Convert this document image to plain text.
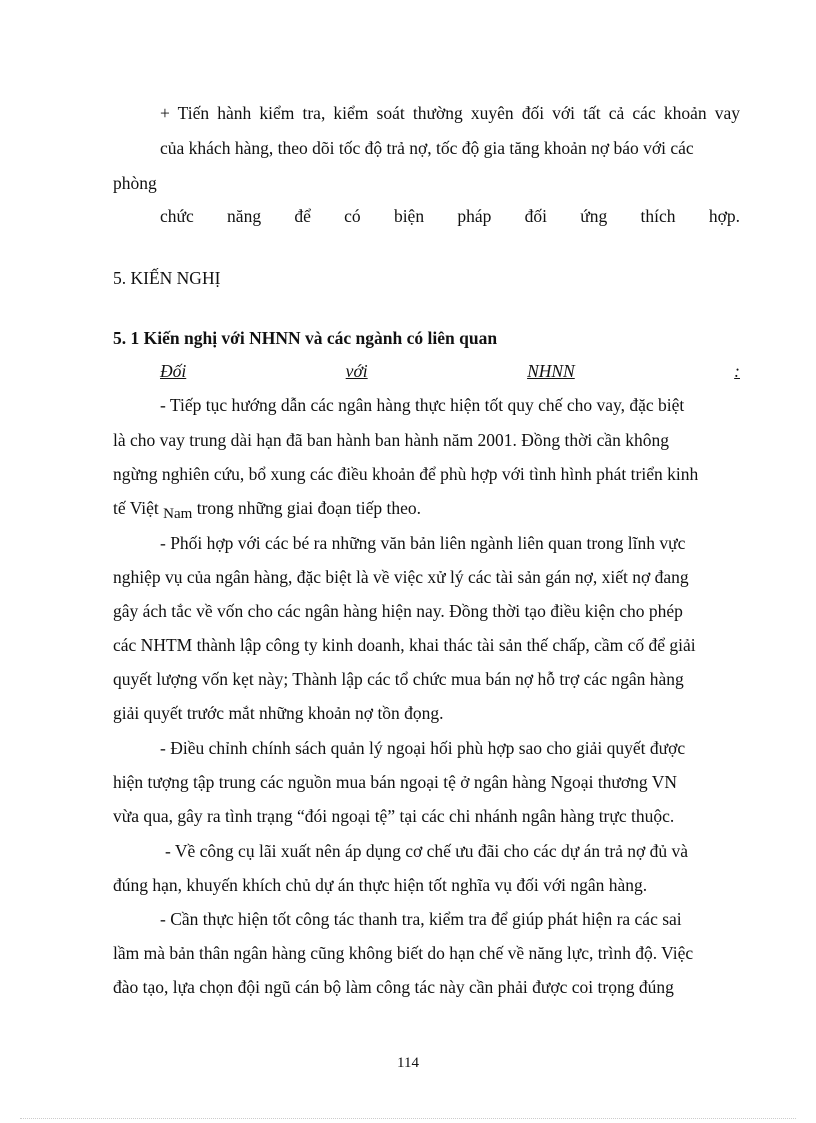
+ Tiến hành kiểm tra, kiểm soát thường xuyên đối với tất cả các khoản vay
của khách hàng, theo dõi tốc độ trả nợ, tốc độ gia tăng khoản nợ báo với các
phòng
chức năng để có biện pháp đối ứng thích hợp.
5. KIẾN NGHỊ
5. 1 Kiến nghị với NHNN và các ngành có liên quan
Đối	với	NHNN	:
- Tiếp tục hướng dẫn các ngân hàng thực hiện tốt quy chế cho vay, đặc biệt
là cho vay trung dài hạn đã ban hành ban hành năm 2001. Đồng thời cần không
ngừng nghiên cứu, bổ xung các điều khoản để phù hợp với tình hình phát triển kinh
tế Việt Nam trong những giai đoạn tiếp theo.
- Phối hợp với các bé ra những văn bản liên ngành liên quan trong lĩnh vực
nghiệp vụ của ngân hàng, đặc biệt là về việc xử lý các tài sản gán nợ, xiết nợ đang
gây ách tắc về vốn cho các ngân hàng hiện nay. Đồng thời tạo điều kiện cho phép
các NHTM thành lập công ty kinh doanh, khai thác tài sản thế chấp, cầm cố để giải
quyết lượng vốn kẹt này; Thành lập các tổ chức mua bán nợ hỗ trợ các ngân hàng
giải quyết trước mắt những khoản nợ tồn đọng.
- Điều chỉnh chính sách quản lý ngoại hối phù hợp sao cho giải quyết được
hiện tượng tập trung các nguồn mua bán ngoại tệ ở ngân hàng Ngoại thương VN
vừa qua, gây ra tình trạng “đói ngoại tệ” tại các chi nhánh ngân hàng trực thuộc.
- Về công cụ lãi xuất nên áp dụng cơ chế ưu đãi cho các dự án trả nợ đủ và
đúng hạn, khuyến khích chủ dự án thực hiện tốt nghĩa vụ đối với ngân hàng.
- Cần thực hiện tốt công tác thanh tra, kiểm tra để giúp phát hiện ra các sai
lầm mà bản thân ngân hàng cũng không biết do hạn chế về năng lực, trình độ. Việc
đào tạo, lựa chọn đội ngũ cán bộ làm công tác này cần phải được coi trọng đúng
114
